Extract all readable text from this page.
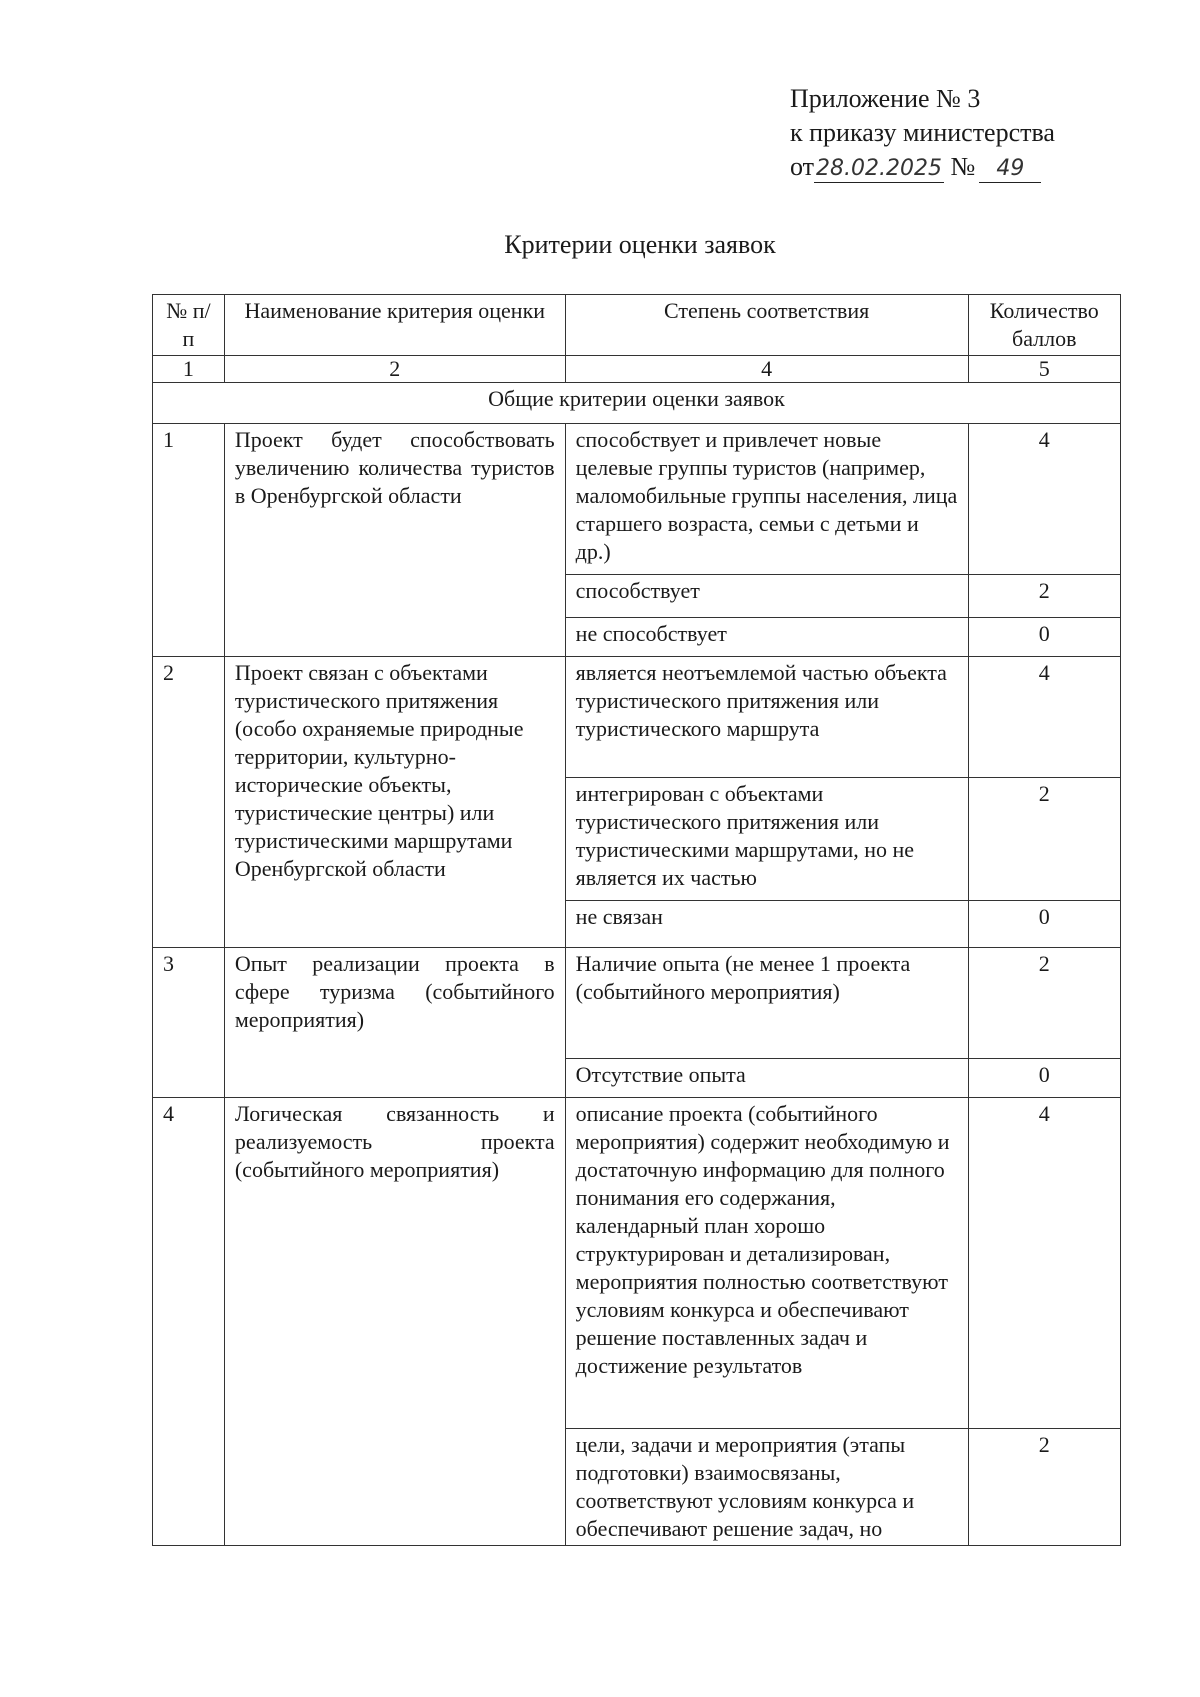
Приложение № 3
к приказу министерства
от28.02.2025 № 49
Критерии оценки заявок
№ п/п	Наименование критерия оценки	Степень соответствия	Количество баллов
1	2	4	5
Общие критерии оценки заявок			
1	Проект будет способствовать увеличению количества туристов в Оренбургской области	способствует и привлечет новые целевые группы туристов (например, маломобильные группы населения, лица старшего возраста, семьи с детьми и др.)	4
		способствует	2
		не способствует	0
2	Проект связан с объектами туристического притяжения (особо охраняемые природные территории, культурно-исторические объекты, туристические центры) или туристическими маршрутами Оренбургской области	является неотъемлемой частью объекта туристического притяжения или туристического маршрута	4
		интегрирован с объектами туристического притяжения или туристическими маршрутами, но не является их частью	2
		не связан	0
3	Опыт реализации проекта в сфере туризма (событийного мероприятия)	Наличие опыта (не менее 1 проекта (событийного мероприятия)	2
		Отсутствие опыта	0
4	Логическая связанность и реализуемость проекта (событийного мероприятия)	описание проекта (событийного мероприятия) содержит необходимую и достаточную информацию для полного понимания его содержания, календарный план хорошо структурирован и детализирован, мероприятия полностью соответствуют условиям конкурса и обеспечивают решение поставленных задач и достижение результатов	4
		цели, задачи и мероприятия (этапы подготовки) взаимосвязаны, соответствуют условиям конкурса и обеспечивают решение задач, но	2
